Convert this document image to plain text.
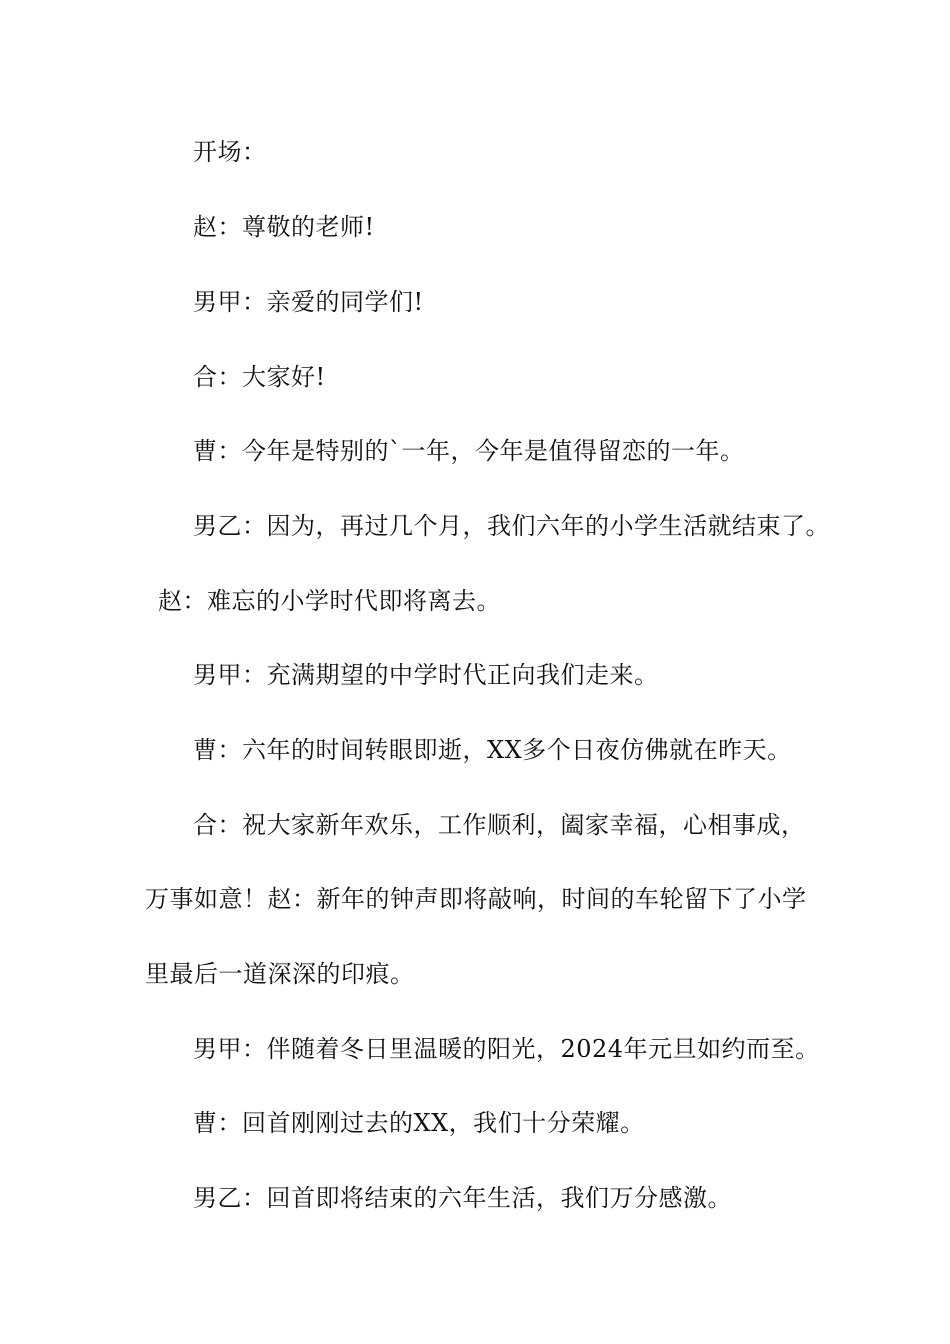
开场：

赵：尊敬的老师!

男甲：亲爱的同学们!

合：大家好!

曹：今年是特别的`一年，今年是值得留恋的一年。

男乙：因为，再过几个月，我们六年的小学生活就结束了。

赵：难忘的小学时代即将离去。

男甲：充满期望的中学时代正向我们走来。

曹：六年的时间转眼即逝，XX多个日夜仿佛就在昨天。

合：祝大家新年欢乐，工作顺利，阖家幸福，心相事成，

万事如意！赵：新年的钟声即将敲响，时间的车轮留下了小学

里最后一道深深的印痕。

男甲：伴随着冬日里温暖的阳光，2024年元旦如约而至。

曹：回首刚刚过去的XX，我们十分荣耀。

男乙：回首即将结束的六年生活，我们万分感激。
